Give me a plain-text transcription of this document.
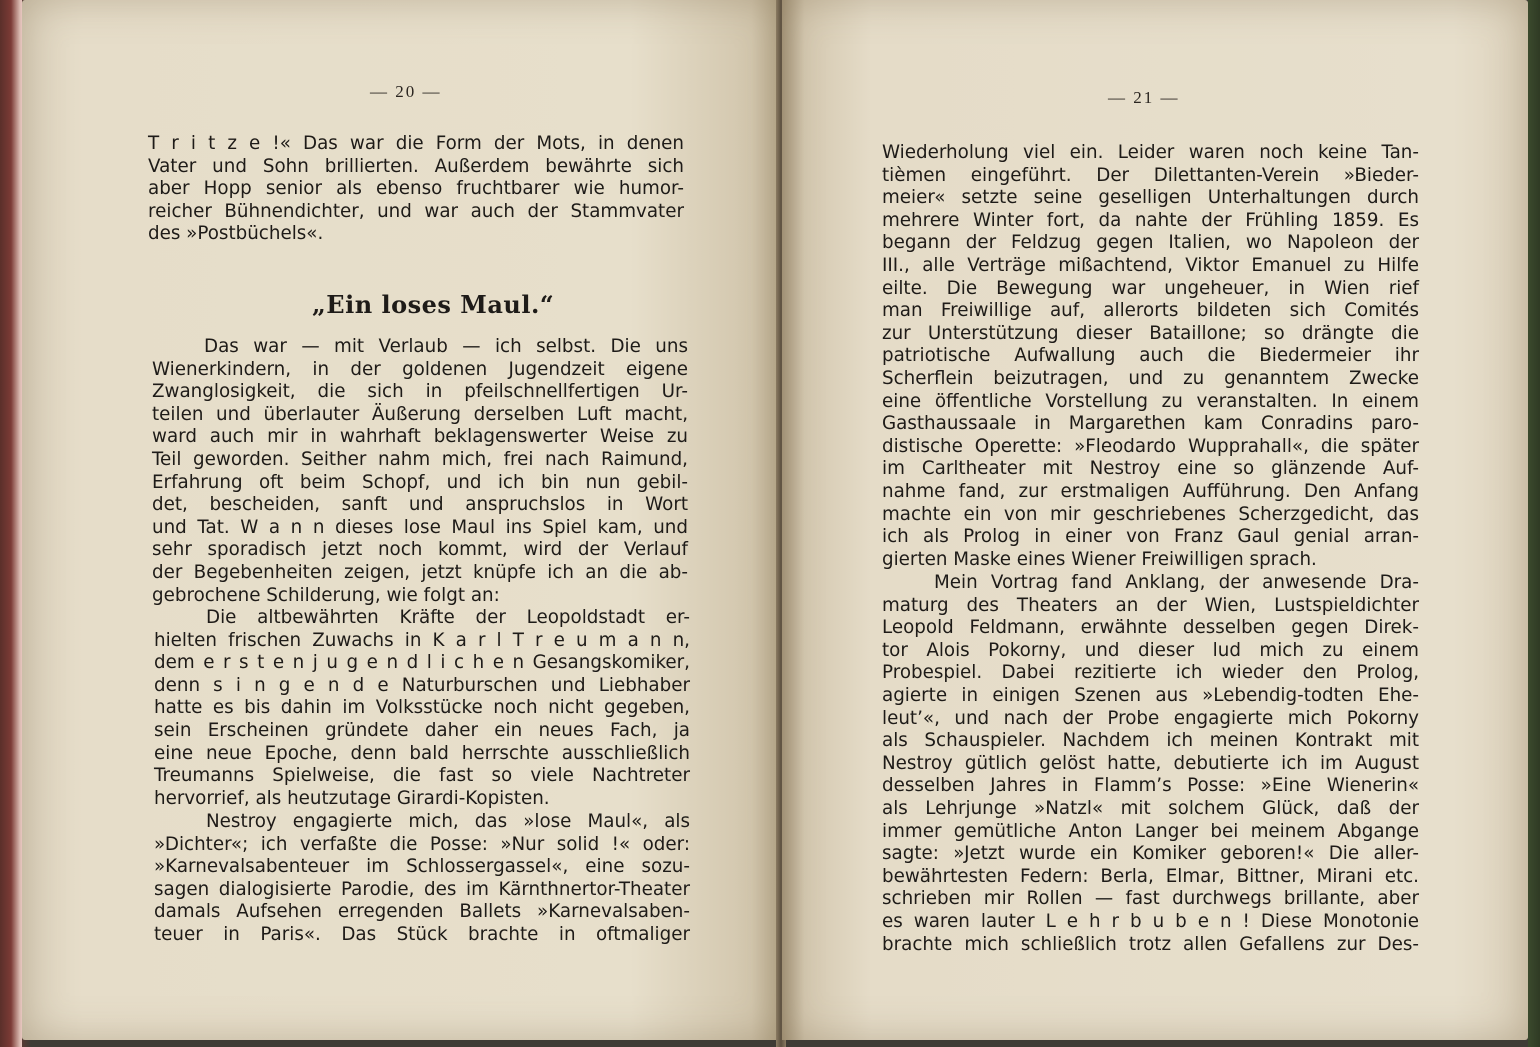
— 20 —

T r i t z e !« Das war die Form der Mots, in denen
Vater und Sohn brillierten. Außerdem bewährte sich
aber Hopp senior als ebenso fruchtbarer wie humor-
reicher Bühnendichter, und war auch der Stammvater
des »Postbüchels«.

„Ein loses Maul.“

Das war — mit Verlaub — ich selbst. Die uns
Wienerkindern, in der goldenen Jugendzeit eigene
Zwanglosigkeit, die sich in pfeilschnellfertigen Ur-
teilen und überlauter Äußerung derselben Luft macht,
ward auch mir in wahrhaft beklagenswerter Weise zu
Teil geworden. Seither nahm mich, frei nach Raimund,
Erfahrung oft beim Schopf, und ich bin nun gebil-
det, bescheiden, sanft und anspruchslos in Wort
und Tat. W a n n dieses lose Maul ins Spiel kam, und
sehr sporadisch jetzt noch kommt, wird der Verlauf
der Begebenheiten zeigen, jetzt knüpfe ich an die ab-
gebrochene Schilderung, wie folgt an:

Die altbewährten Kräfte der Leopoldstadt er-
hielten frischen Zuwachs in K a r l T r e u m a n n,
dem e r s t e n j u g e n d l i c h e n Gesangskomiker,
denn s i n g e n d e Naturburschen und Liebhaber
hatte es bis dahin im Volksstücke noch nicht gegeben,
sein Erscheinen gründete daher ein neues Fach, ja
eine neue Epoche, denn bald herrschte ausschließlich
Treumanns Spielweise, die fast so viele Nachtreter
hervorrief, als heutzutage Girardi-Kopisten.

Nestroy engagierte mich, das »lose Maul«, als
»Dichter«; ich verfaßte die Posse: »Nur solid !« oder:
»Karnevalsabenteuer im Schlossergassel«, eine sozu-
sagen dialogisierte Parodie, des im Kärnthnertor-Theater
damals Aufsehen erregenden Ballets »Karnevalsaben-
teuer in Paris«. Das Stück brachte in oftmaliger

— 21 —

Wiederholung viel ein. Leider waren noch keine Tan-
tièmen eingeführt. Der Dilettanten-Verein »Bieder-
meier« setzte seine geselligen Unterhaltungen durch
mehrere Winter fort, da nahte der Frühling 1859. Es
begann der Feldzug gegen Italien, wo Napoleon der
III., alle Verträge mißachtend, Viktor Emanuel zu Hilfe
eilte. Die Bewegung war ungeheuer, in Wien rief
man Freiwillige auf, allerorts bildeten sich Comités
zur Unterstützung dieser Bataillone; so drängte die
patriotische Aufwallung auch die Biedermeier ihr
Scherflein beizutragen, und zu genanntem Zwecke
eine öffentliche Vorstellung zu veranstalten. In einem
Gasthaussaale in Margarethen kam Conradins paro-
distische Operette: »Fleodardo Wupprahall«, die später
im Carltheater mit Nestroy eine so glänzende Auf-
nahme fand, zur erstmaligen Aufführung. Den Anfang
machte ein von mir geschriebenes Scherzgedicht, das
ich als Prolog in einer von Franz Gaul genial arran-
gierten Maske eines Wiener Freiwilligen sprach.

Mein Vortrag fand Anklang, der anwesende Dra-
maturg des Theaters an der Wien, Lustspieldichter
Leopold Feldmann, erwähnte desselben gegen Direk-
tor Alois Pokorny, und dieser lud mich zu einem
Probespiel. Dabei rezitierte ich wieder den Prolog,
agierte in einigen Szenen aus »Lebendig-todten Ehe-
leut’«, und nach der Probe engagierte mich Pokorny
als Schauspieler. Nachdem ich meinen Kontrakt mit
Nestroy gütlich gelöst hatte, debutierte ich im August
desselben Jahres in Flamm’s Posse: »Eine Wienerin«
als Lehrjunge »Natzl« mit solchem Glück, daß der
immer gemütliche Anton Langer bei meinem Abgange
sagte: »Jetzt wurde ein Komiker geboren!« Die aller-
bewährtesten Federn: Berla, Elmar, Bittner, Mirani etc.
schrieben mir Rollen — fast durchwegs brillante, aber
es waren lauter L e h r b u b e n ! Diese Monotonie
brachte mich schließlich trotz allen Gefallens zur Des-
